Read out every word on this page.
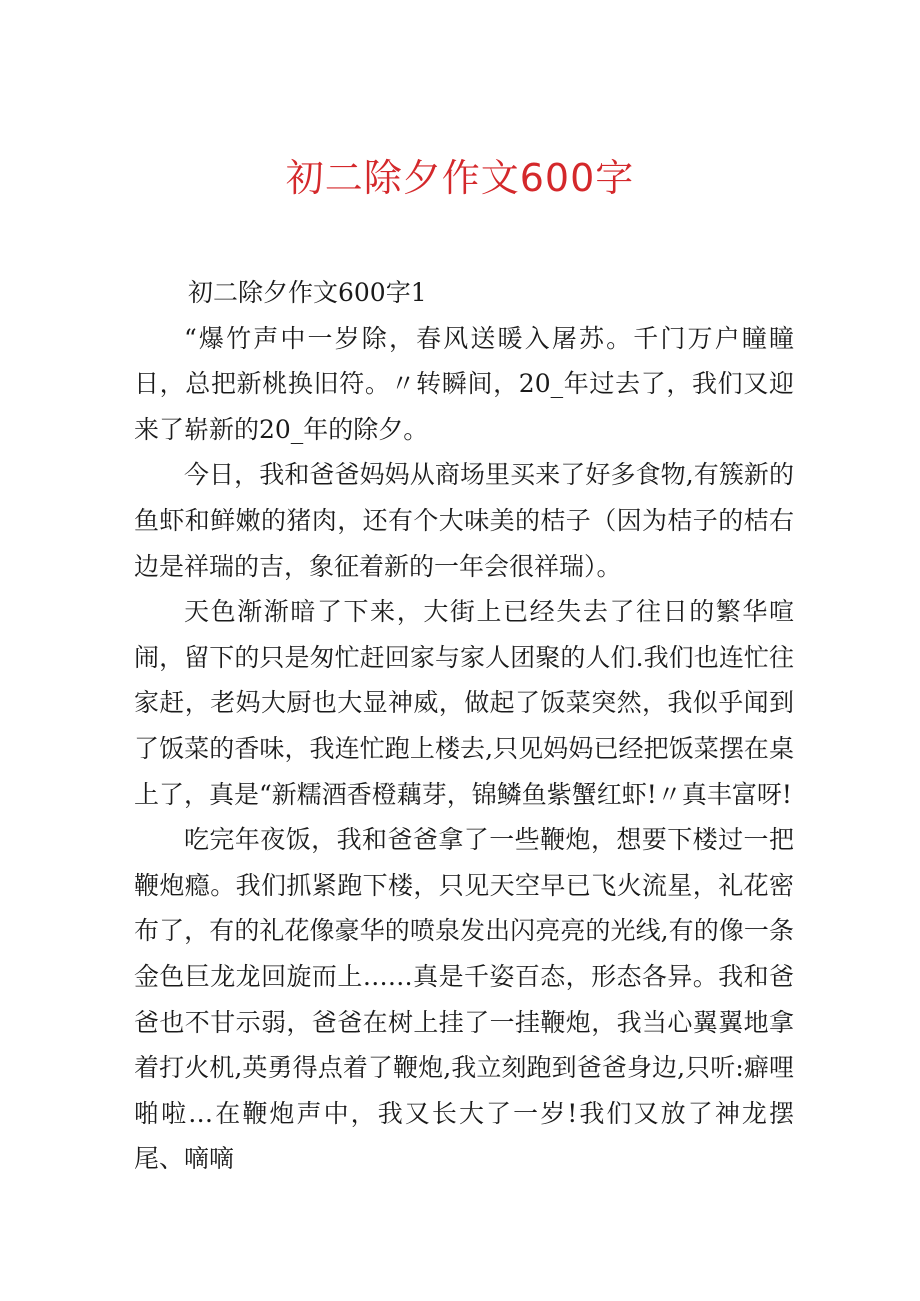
初二除夕作文600字

初二除夕作文600字1

“爆竹声中一岁除，春风送暖入屠苏。千门万户瞳瞳日，总把新桃换旧符。〃转瞬间，20_年过去了，我们又迎来了崭新的20_年的除夕。

今日，我和爸爸妈妈从商场里买来了好多食物,有簇新的鱼虾和鲜嫩的猪肉，还有个大味美的桔子（因为桔子的桔右边是祥瑞的吉，象征着新的一年会很祥瑞）。

天色渐渐暗了下来，大街上已经失去了往日的繁华喧闹，留下的只是匆忙赶回家与家人团聚的人们.我们也连忙往家赶，老妈大厨也大显神威，做起了饭菜突然，我似乎闻到了饭菜的香味，我连忙跑上楼去,只见妈妈已经把饭菜摆在桌上了，真是“新糯酒香橙藕芽，锦鳞鱼紫蟹红虾!〃真丰富呀!

吃完年夜饭，我和爸爸拿了一些鞭炮，想要下楼过一把鞭炮瘾。我们抓紧跑下楼，只见天空早已飞火流星，礼花密布了，有的礼花像豪华的喷泉发出闪亮亮的光线,有的像一条金色巨龙龙回旋而上……真是千姿百态，形态各异。我和爸爸也不甘示弱，爸爸在树上挂了一挂鞭炮，我当心翼翼地拿着打火机,英勇得点着了鞭炮,我立刻跑到爸爸身边,只听:癖哩啪啦…在鞭炮声中，我又长大了一岁!我们又放了神龙摆尾、嘀嘀
